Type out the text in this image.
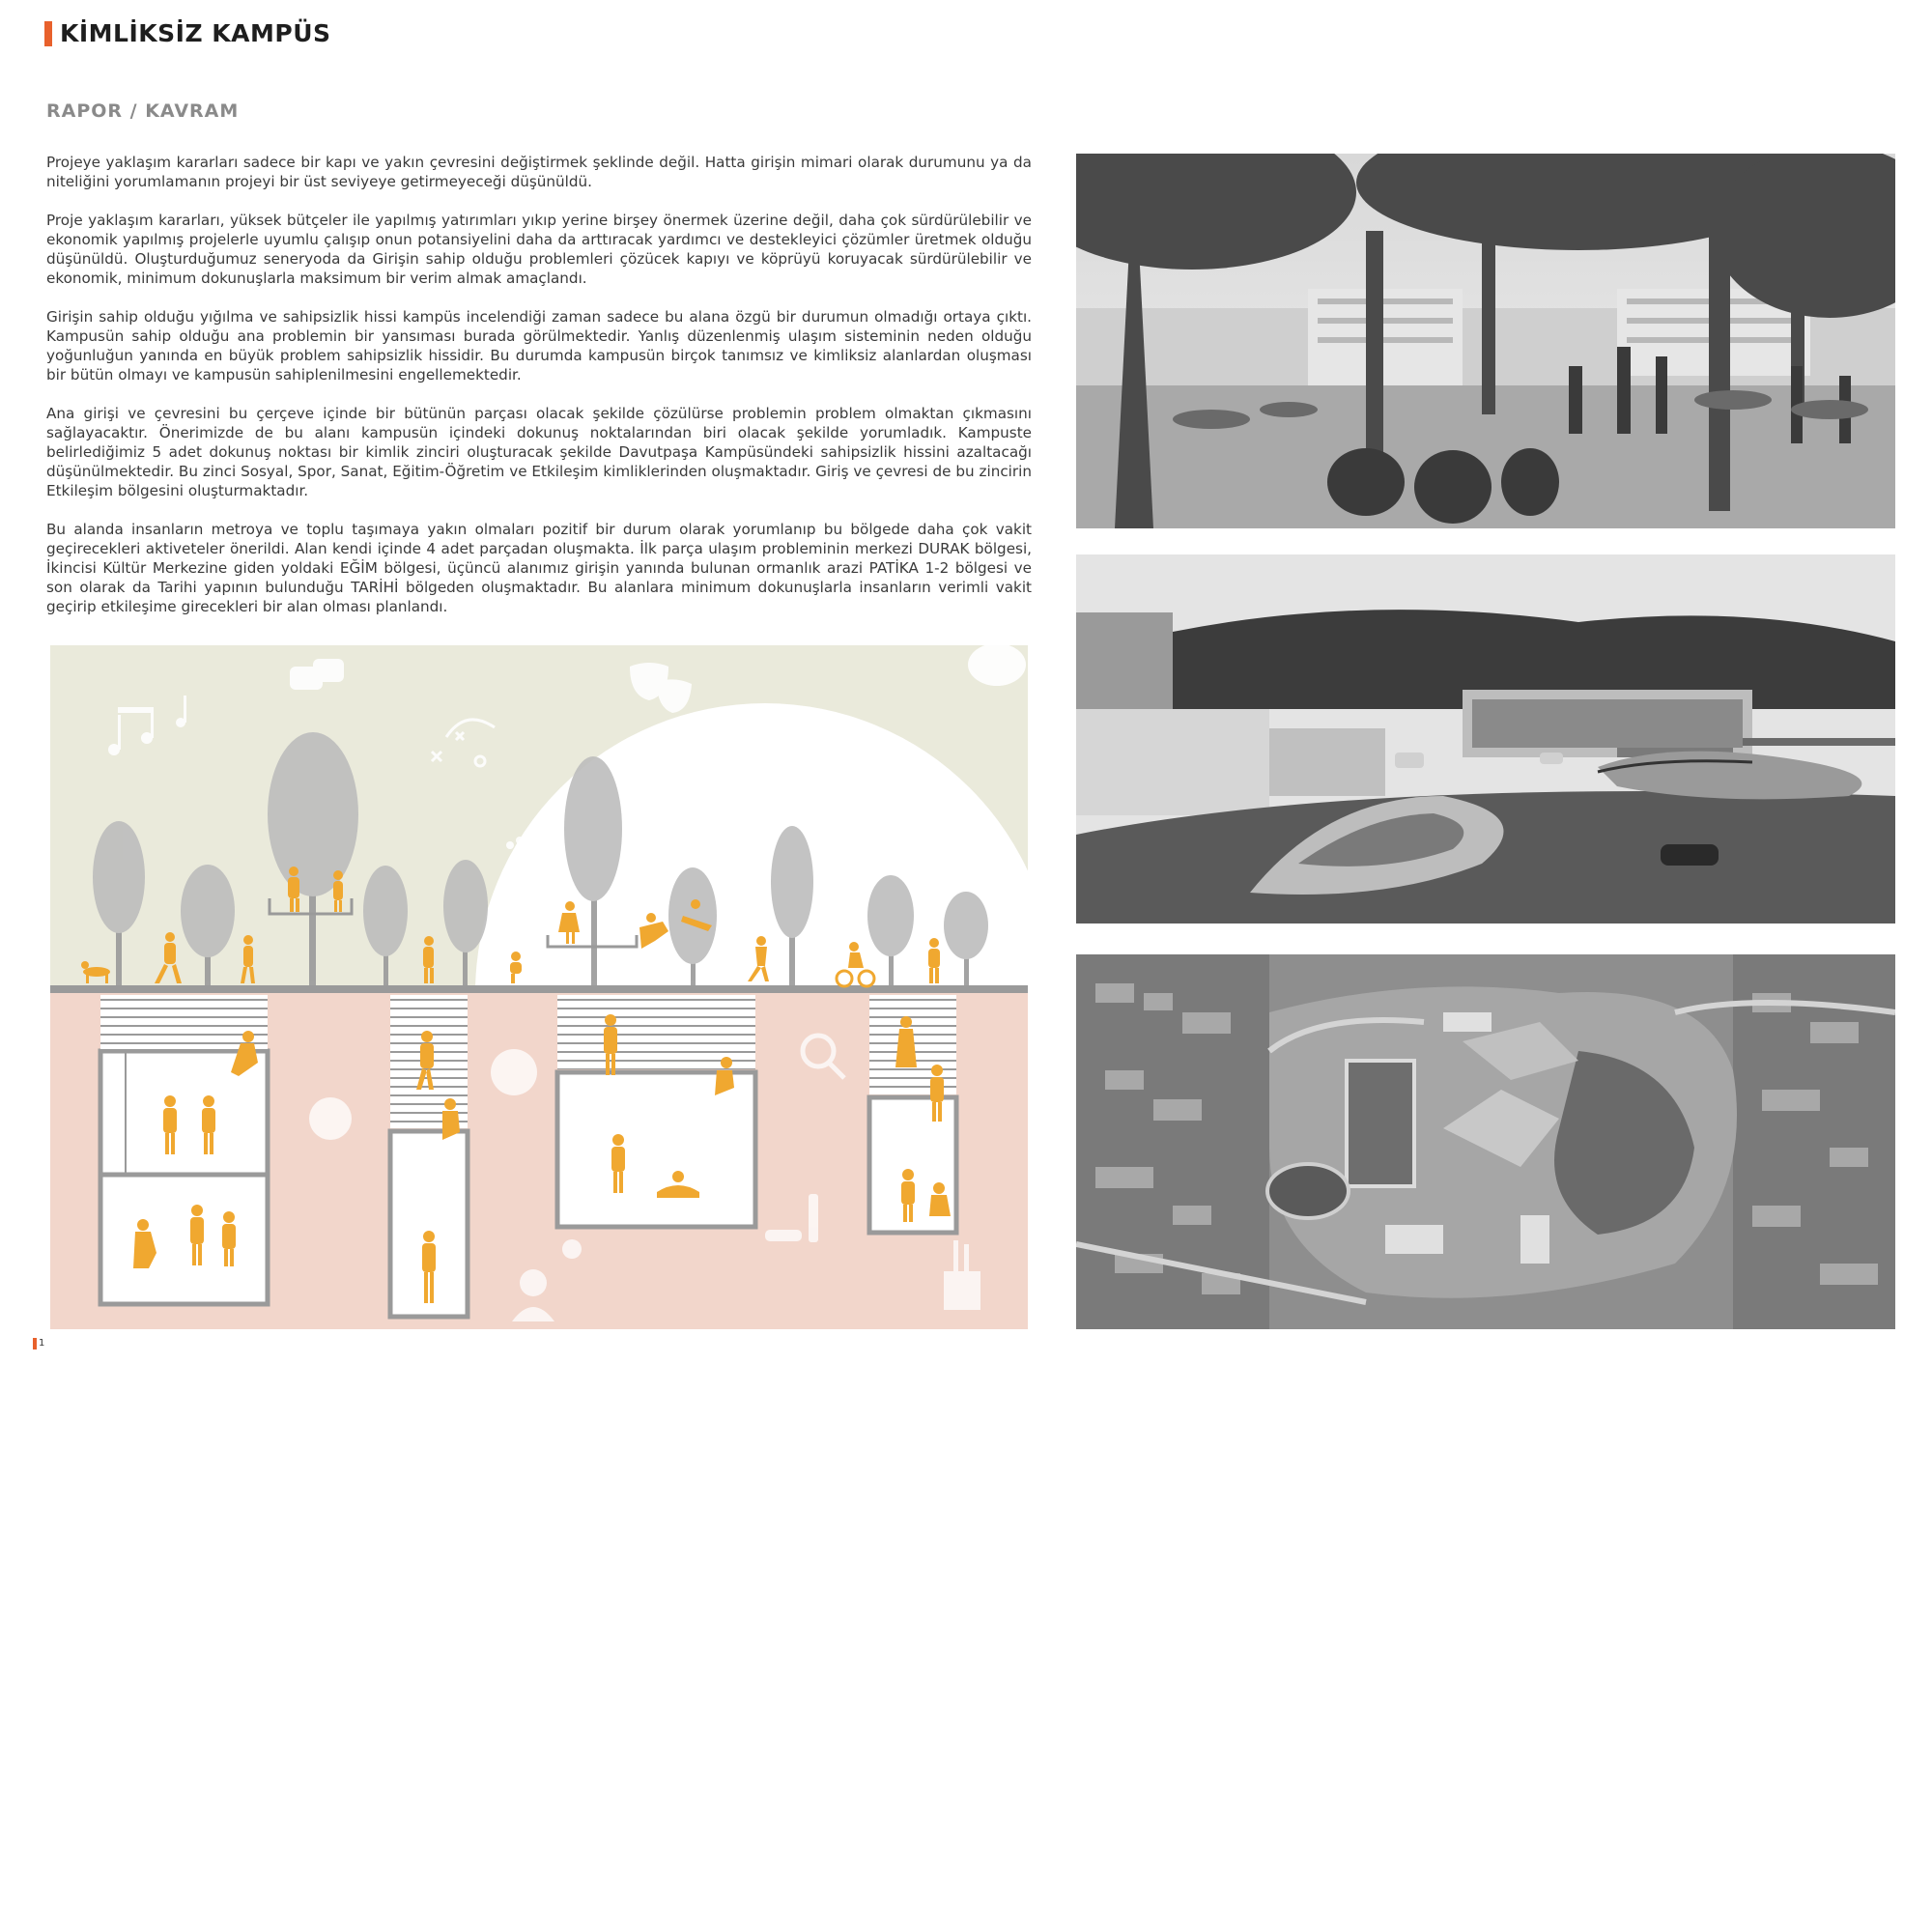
KİMLİKSİZ KAMPÜS
RAPOR / KAVRAM

Projeye yaklaşım kararları sadece bir kapı ve yakın çevresini değiştirmek şeklinde değil. Hatta girişin mimari olarak durumunu ya da niteliğini yorumlamanın projeyi bir üst seviyeye getirmeyeceği düşünüldü.

Proje yaklaşım kararları, yüksek bütçeler ile yapılmış yatırımları yıkıp yerine birşey önermek üzerine değil, daha çok sürdürülebilir ve ekonomik yapılmış projelerle uyumlu çalışıp onun potansiyelini daha da arttıracak yardımcı ve destekleyici çözümler üretmek olduğu düşünüldü. Oluşturduğumuz seneryoda da Girişin sahip olduğu problemleri çözücek kapıyı ve köprüyü koruyacak sürdürülebilir ve ekonomik, minimum dokunuşlarla maksimum bir verim almak amaçlandı.

Girişin sahip olduğu yığılma ve sahipsizlik hissi kampüs incelendiği zaman sadece bu alana özgü bir durumun olmadığı ortaya çıktı. Kampusün sahip olduğu ana problemin bir yansıması burada görülmektedir. Yanlış düzenlenmiş ulaşım sisteminin neden olduğu yoğunluğun yanında en büyük problem sahipsizlik hissidir. Bu durumda kampusün birçok tanımsız ve kimliksiz alanlardan oluşması bir bütün olmayı ve kampusün sahiplenilmesini engellemektedir.

Ana girişi ve çevresini bu çerçeve içinde bir bütünün parçası olacak şekilde çözülürse problemin problem olmaktan çıkmasını sağlayacaktır. Önerimizde de bu alanı kampusün içindeki dokunuş noktalarından biri olacak şekilde yorumladık. Kampuste belirlediğimiz 5 adet dokunuş noktası bir kimlik zinciri oluşturacak şekilde Davutpaşa Kampüsündeki sahipsizlik hissini azaltacağı düşünülmektedir. Bu zinci Sosyal, Spor, Sanat, Eğitim-Öğretim ve Etkileşim kimliklerinden oluşmaktadır. Giriş ve çevresi de bu zincirin Etkileşim bölgesini oluşturmaktadır.

Bu alanda insanların metroya ve toplu taşımaya yakın olmaları pozitif bir durum olarak yorumlanıp bu bölgede daha çok vakit geçirecekleri aktiveteler önerildi. Alan kendi içinde 4 adet parçadan oluşmakta. İlk parça ulaşım probleminin merkezi DURAK bölgesi, İkincisi Kültür Merkezine giden yoldaki EĞİM bölgesi, üçüncü alanımız girişin yanında bulunan ormanlık arazi PATİKA 1-2 bölgesi ve son olarak da Tarihi yapının bulunduğu TARİHİ bölgeden oluşmaktadır. Bu alanlara minimum dokunuşlarla insanların verimli vakit geçirip etkileşime girecekleri bir alan olması planlandı.

1
